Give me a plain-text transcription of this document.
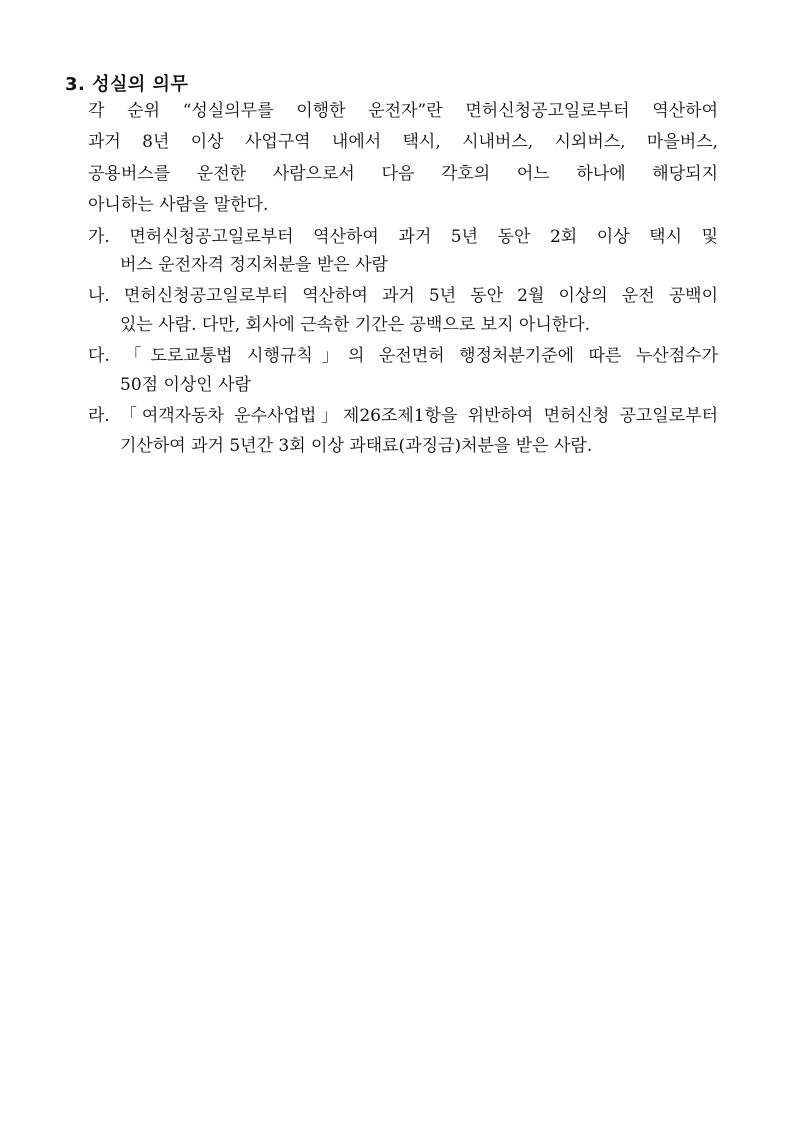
3. 성실의 의무
각 순위 “성실의무를 이행한 운전자”란 면허신청공고일로부터 역산하여
과거 8년 이상 사업구역 내에서 택시, 시내버스, 시외버스, 마을버스,
공용버스를 운전한 사람으로서 다음 각호의 어느 하나에 해당되지
아니하는 사람을 말한다.
가. 면허신청공고일로부터 역산하여 과거 5년 동안 2회 이상 택시 및
버스 운전자격 정지처분을 받은 사람
나. 면허신청공고일로부터 역산하여 과거 5년 동안 2월 이상의 운전 공백이
있는 사람. 다만, 회사에 근속한 기간은 공백으로 보지 아니한다.
다. 「도로교통법 시행규칙」의 운전면허 행정처분기준에 따른 누산점수가
50점 이상인 사람
라. 「여객자동차 운수사업법」제26조제1항을 위반하여 면허신청 공고일로부터
기산하여 과거 5년간 3회 이상 과태료(과징금)처분을 받은 사람.
